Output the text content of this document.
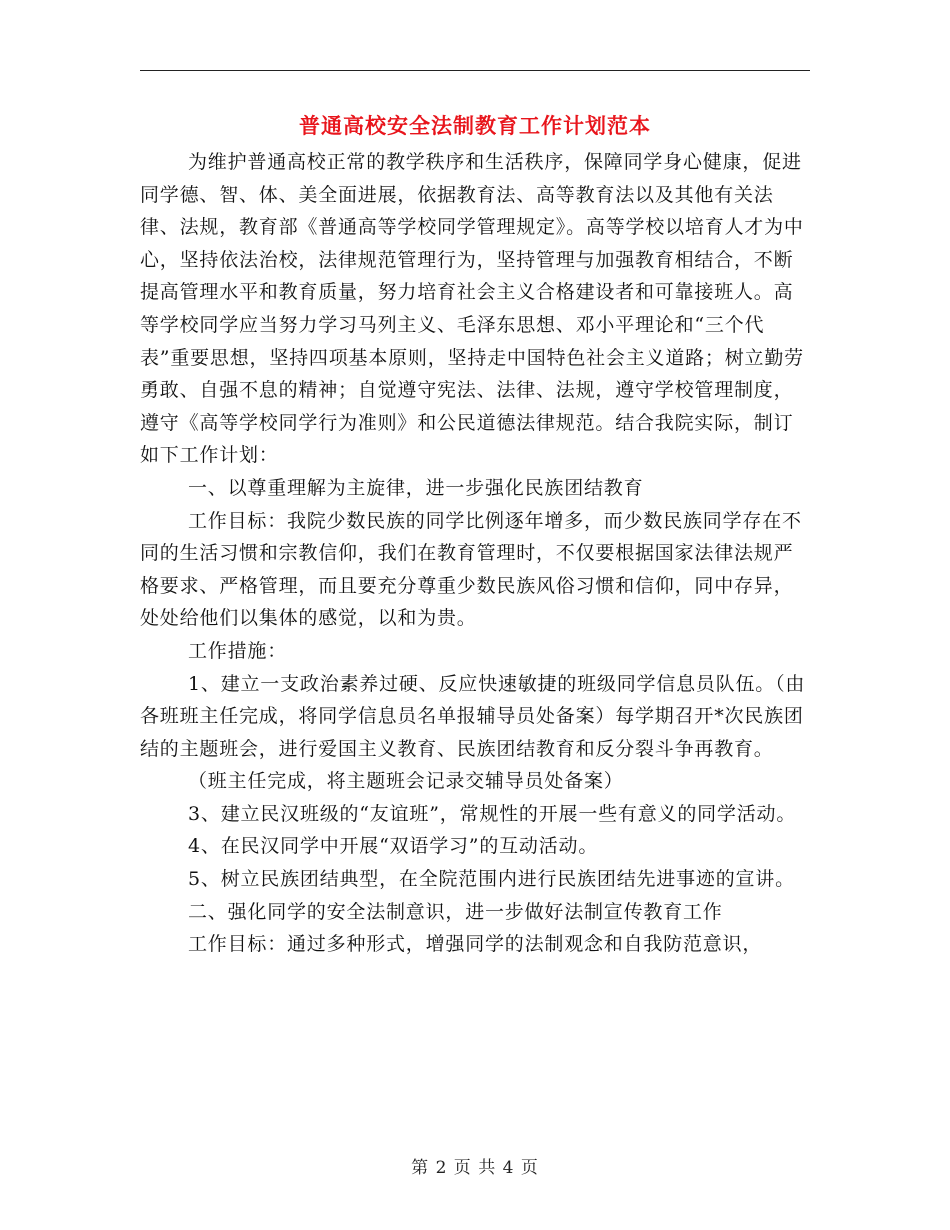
普通高校安全法制教育工作计划范本

为维护普通高校正常的教学秩序和生活秩序，保障同学身心健康，促进同学德、智、体、美全面进展，依据教育法、高等教育法以及其他有关法律、法规，教育部《普通高等学校同学管理规定》。高等学校以培育人才为中心，坚持依法治校，法律规范管理行为，坚持管理与加强教育相结合，不断提高管理水平和教育质量，努力培育社会主义合格建设者和可靠接班人。高等学校同学应当努力学习马列主义、毛泽东思想、邓小平理论和“三个代表”重要思想，坚持四项基本原则，坚持走中国特色社会主义道路；树立勤劳勇敢、自强不息的精神；自觉遵守宪法、法律、法规，遵守学校管理制度，遵守《高等学校同学行为准则》和公民道德法律规范。结合我院实际，制订如下工作计划：

一、以尊重理解为主旋律，进一步强化民族团结教育

工作目标：我院少数民族的同学比例逐年增多，而少数民族同学存在不同的生活习惯和宗教信仰，我们在教育管理时，不仅要根据国家法律法规严格要求、严格管理，而且要充分尊重少数民族风俗习惯和信仰，同中存异，处处给他们以集体的感觉，以和为贵。

工作措施：

1、建立一支政治素养过硬、反应快速敏捷的班级同学信息员队伍。（由各班班主任完成，将同学信息员名单报辅导员处备案）每学期召开*次民族团结的主题班会，进行爱国主义教育、民族团结教育和反分裂斗争再教育。

（班主任完成，将主题班会记录交辅导员处备案）

3、建立民汉班级的“友谊班”，常规性的开展一些有意义的同学活动。

4、在民汉同学中开展“双语学习”的互动活动。

5、树立民族团结典型，在全院范围内进行民族团结先进事迹的宣讲。

二、强化同学的安全法制意识，进一步做好法制宣传教育工作

工作目标：通过多种形式，增强同学的法制观念和自我防范意识，

第 2 页 共 4 页
